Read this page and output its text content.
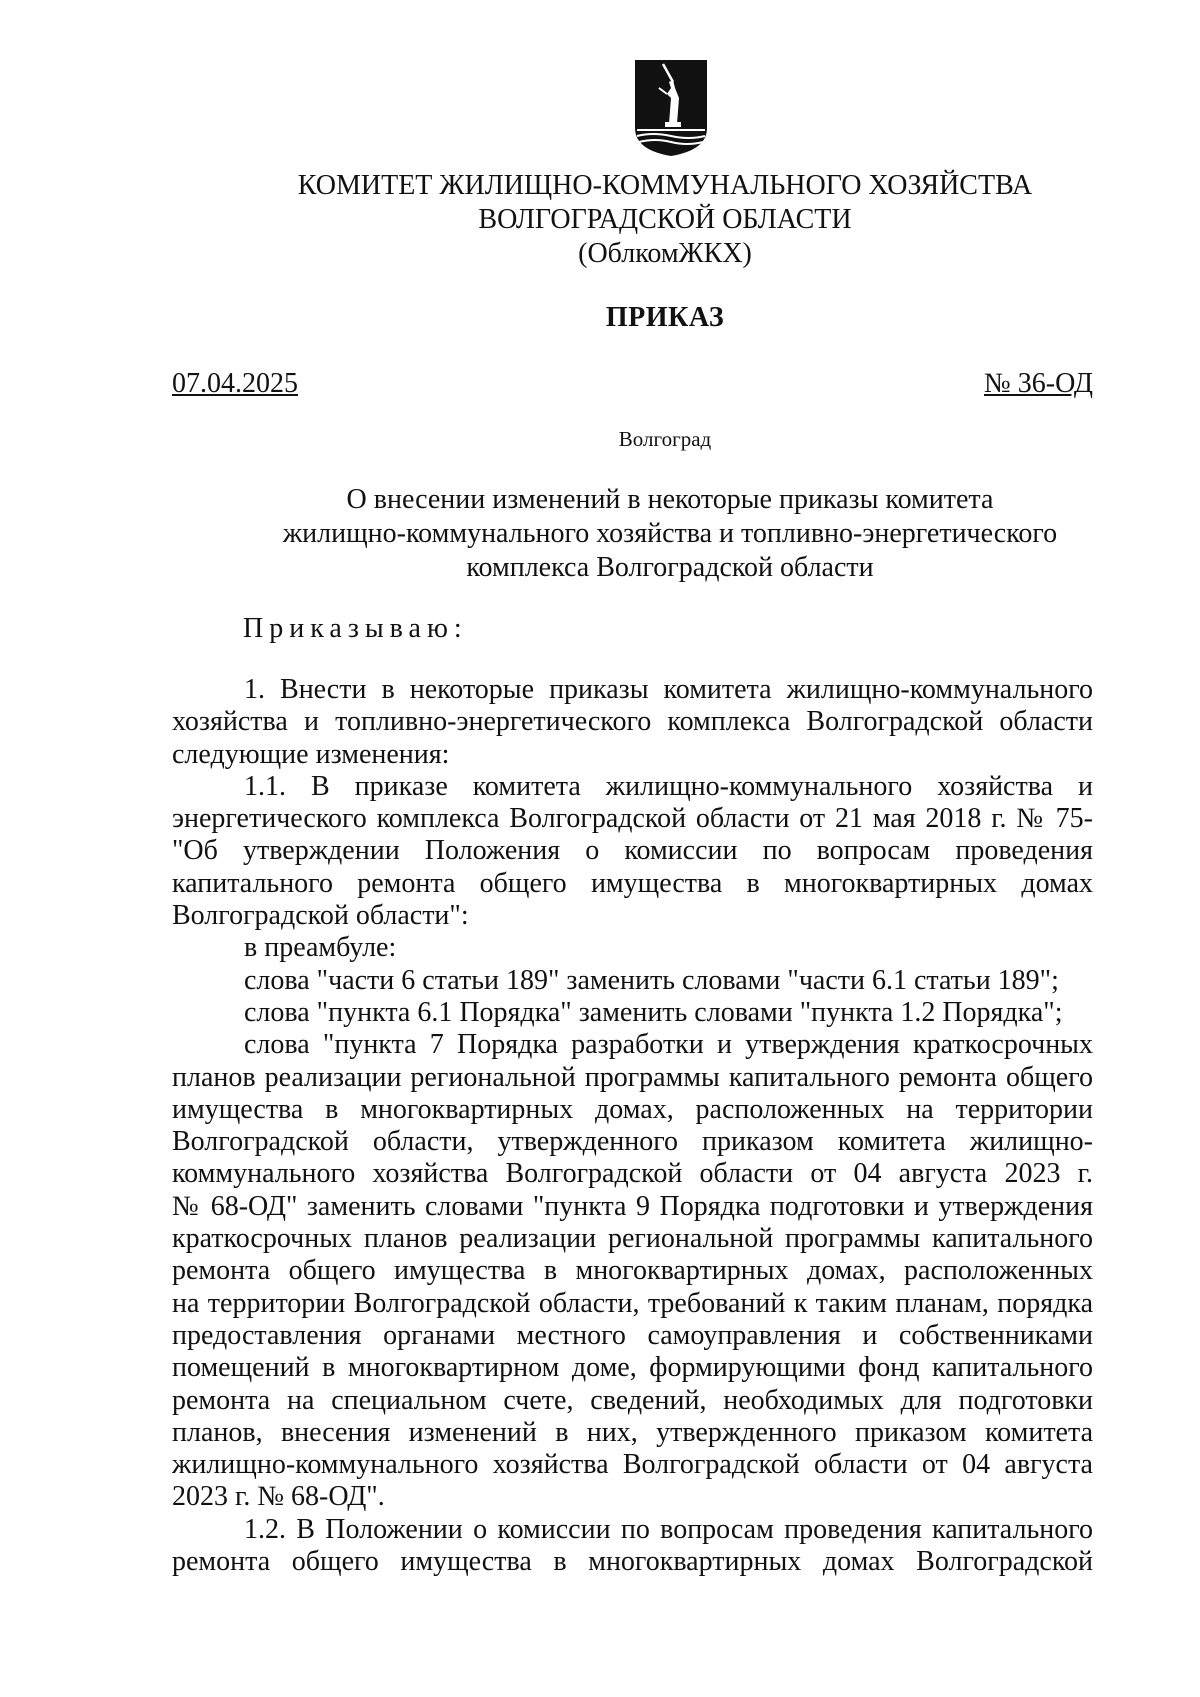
КОМИТЕТ ЖИЛИЩНО-КОММУНАЛЬНОГО ХОЗЯЙСТВА
ВОЛГОГРАДСКОЙ ОБЛАСТИ
(ОблкомЖКХ)
ПРИКАЗ
07.04.2025	№ 36-ОД
Волгоград
О внесении изменений в некоторые приказы комитета
жилищно-коммунального хозяйства и топливно-энергетического
комплекса Волгоградской области
Приказываю:
1. Внести в некоторые приказы комитета жилищно-коммунального
хозяйства и топливно-энергетического комплекса Волгоградской области
следующие изменения:
1.1. В приказе комитета жилищно-коммунального хозяйства и
энергетического комплекса Волгоградской области от 21 мая 2018 г. № 75-
"Об утверждении Положения о комиссии по вопросам проведения
капитального ремонта общего имущества в многоквартирных домах
Волгоградской области":
в преамбуле:
слова "части 6 статьи 189" заменить словами "части 6.1 статьи 189";
слова "пункта 6.1 Порядка" заменить словами "пункта 1.2 Порядка";
слова "пункта 7 Порядка разработки и утверждения краткосрочных
планов реализации региональной программы капитального ремонта общего
имущества в многоквартирных домах, расположенных на территории
Волгоградской области, утвержденного приказом комитета жилищно-
коммунального хозяйства Волгоградской области от 04 августа 2023 г.
№ 68-ОД" заменить словами "пункта 9 Порядка подготовки и утверждения
краткосрочных планов реализации региональной программы капитального
ремонта общего имущества в многоквартирных домах, расположенных
на территории Волгоградской области, требований к таким планам, порядка
предоставления органами местного самоуправления и собственниками
помещений в многоквартирном доме, формирующими фонд капитального
ремонта на специальном счете, сведений, необходимых для подготовки
планов, внесения изменений в них, утвержденного приказом комитета
жилищно-коммунального хозяйства Волгоградской области от 04 августа
2023 г. № 68-ОД".
1.2. В Положении о комиссии по вопросам проведения капитального
ремонта общего имущества в многоквартирных домах Волгоградской
